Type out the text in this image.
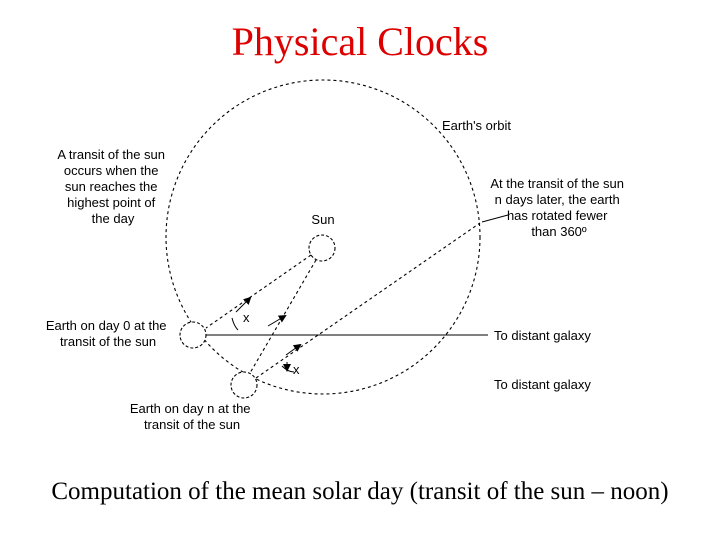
Physical Clocks
Earth's orbit
A transit of the sun occurs when the sun reaches the highest point of the day	Sun
At the transit of the sun n days later, the earth has rotated fewer than 360º
Earth on day 0 at the transit of the sun
Earth on day n at the transit of the sun
To distant galaxy
To distant galaxy
x
x
Computation of the mean solar day (transit of the sun – noon)
